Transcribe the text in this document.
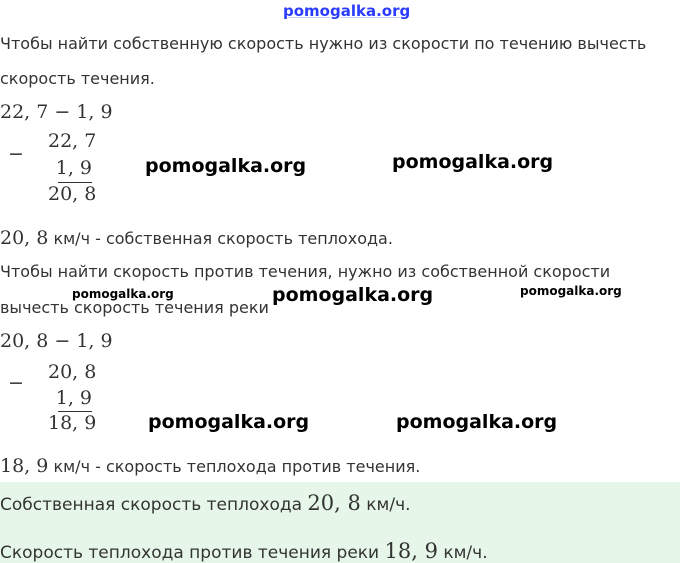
pomogalka.org
Чтобы найти собственную скорость нужно из скорости по течению вычесть
скорость течения.
22, 7 − 1, 9
−
22, 7
1, 9
20, 8
pomogalka.org	pomogalka.org
20, 8 км/ч - собственная скорость теплохода.
Чтобы найти скорость против течения, нужно из собственной скорости
вычесть скорость течения реки
pomogalka.org	pomogalka.org	pomogalka.org
20, 8 − 1, 9
− 20, 8
1, 9
18, 9	pomogalka.org	pomogalka.org
18, 9 км/ч - скорость теплохода против течения.
Собственная скорость теплохода 20, 8 км/ч.
Скорость теплохода против течения реки 18, 9 км/ч.
